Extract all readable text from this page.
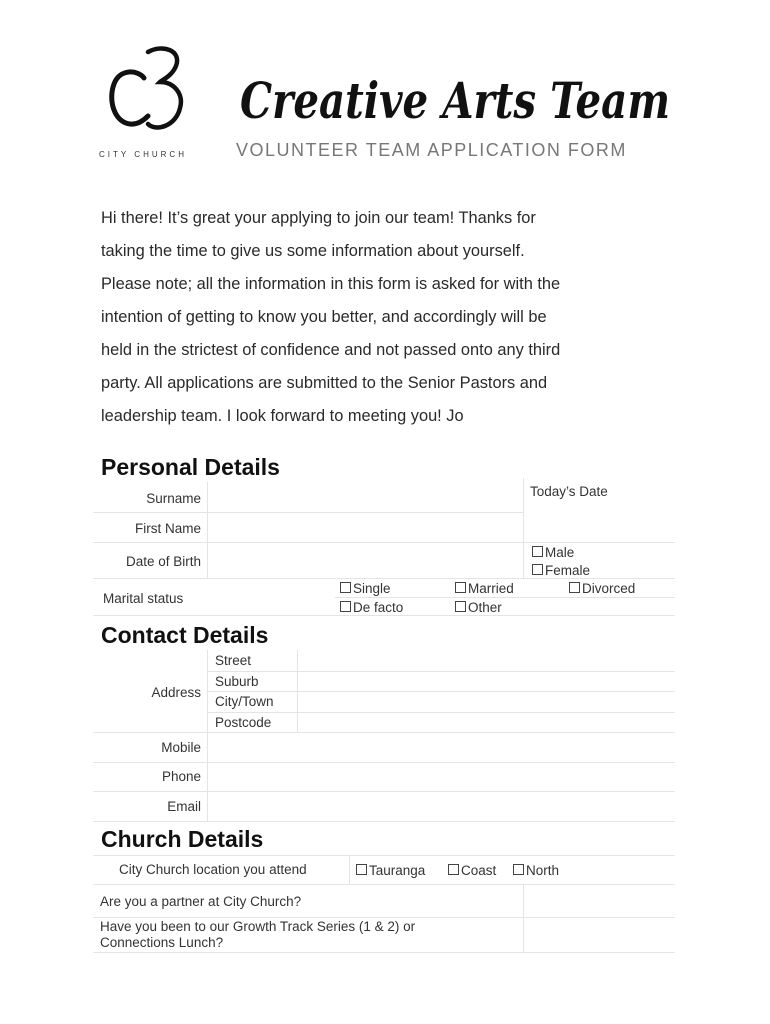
CITY CHURCH
Creative Arts Team
VOLUNTEER TEAM APPLICATION FORM
Hi there! It’s great your applying to join our team! Thanks for
taking the time to give us some information about yourself.
Please note; all the information in this form is asked for with the
intention of getting to know you better, and accordingly will be
held in the strictest of confidence and not passed onto any third
party. All applications are submitted to the Senior Pastors and
leadership team. I look forward to meeting you! Jo
Personal Details
Surname
First Name
Date of Birth
Today’s Date
Male
Female
Marital status
Single	Married	Divorced
De facto	Other
Contact Details
Address
Street
Suburb
City/Town
Postcode
Mobile
Phone
Email
Church Details
City Church location you attend	Tauranga	Coast	North
Are you a partner at City Church?
Have you been to our Growth Track Series (1 & 2) or
Connections Lunch?
